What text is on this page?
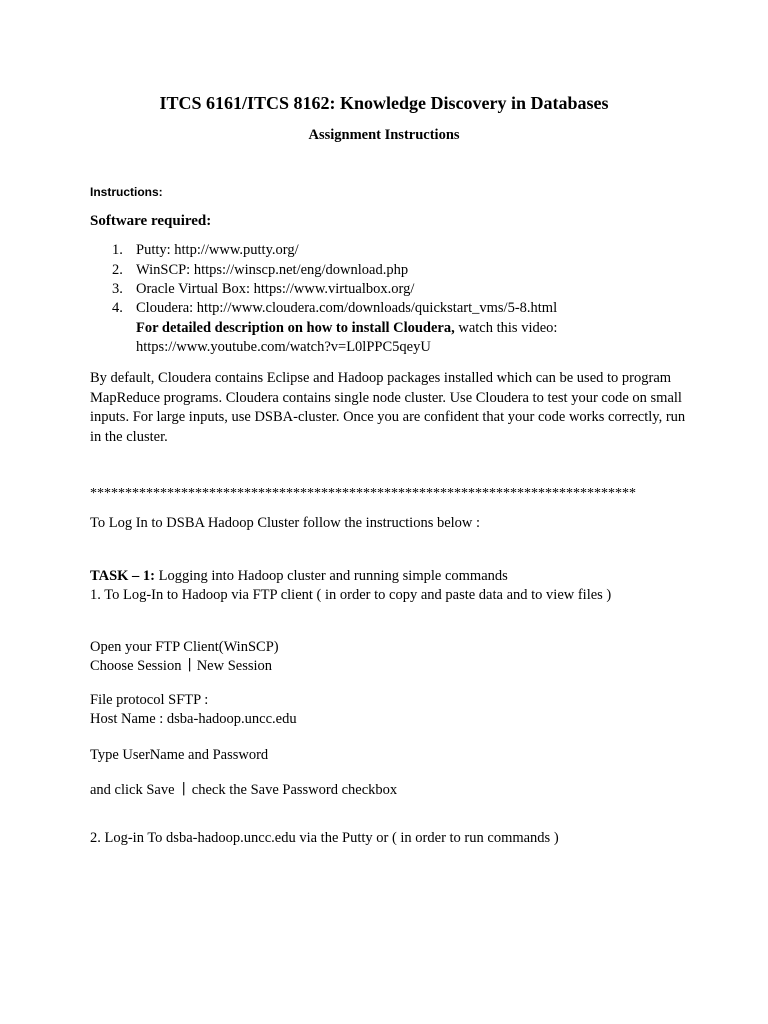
ITCS 6161/ITCS 8162: Knowledge Discovery in Databases
Assignment Instructions
Instructions:
Software required:
1. Putty: http://www.putty.org/
2. WinSCP: https://winscp.net/eng/download.php
3. Oracle Virtual Box: https://www.virtualbox.org/
4. Cloudera: http://www.cloudera.com/downloads/quickstart_vms/5-8.html
For detailed description on how to install Cloudera, watch this video:
https://www.youtube.com/watch?v=L0lPPC5qeyU
By default, Cloudera contains Eclipse and Hadoop packages installed which can be used to program MapReduce programs. Cloudera contains single node cluster. Use Cloudera to test your code on small inputs. For large inputs, use DSBA-cluster. Once you are confident that your code works correctly, run in the cluster.
******************************************************************************
To Log In to DSBA Hadoop Cluster follow the instructions below :
TASK – 1: Logging into Hadoop cluster and running simple commands
1. To Log-In to Hadoop via FTP client ( in order to copy and paste data and to view files )
Open your FTP Client(WinSCP)
Choose Session ∣ New Session
File protocol SFTP :
Host Name : dsba-hadoop.uncc.edu
Type UserName and Password
and click Save ∣ check the Save Password checkbox
2. Log-in To dsba-hadoop.uncc.edu via the Putty or ( in order to run commands )
